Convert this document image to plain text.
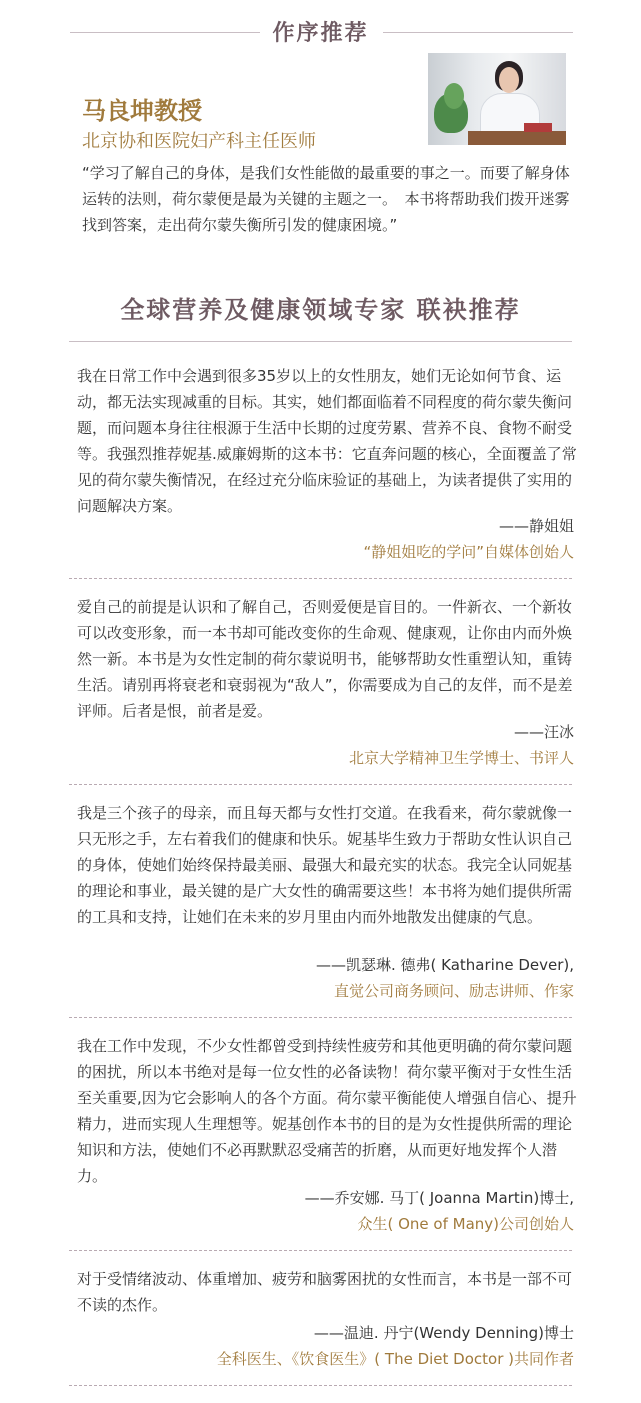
作序推荐
马良坤教授
北京协和医院妇产科主任医师
“学习了解自己的身体，是我们女性能做的最重要的事之一。而要了解身体运转的法则，荷尔蒙便是最为关键的主题之一。　本书将帮助我们拨开迷雾找到答案，走出荷尔蒙失衡所引发的健康困境。”
全球营养及健康领域专家 联袂推荐
我在日常工作中会遇到很多35岁以上的女性朋友，她们无论如何节食、运动，都无法实现减重的目标。其实，她们都面临着不同程度的荷尔蒙失衡问题，而问题本身往往根源于生活中长期的过度劳累、营养不良、食物不耐受等。我强烈推荐妮基.威廉姆斯的这本书：它直奔问题的核心，全面覆盖了常见的荷尔蒙失衡情况，在经过充分临床验证的基础上，为读者提供了实用的问题解决方案。
——静姐姐
“静姐姐吃的学问”自媒体创始人
爱自己的前提是认识和了解自己，否则爱便是盲目的。一件新衣、一个新妆可以改变形象，而一本书却可能改变你的生命观、健康观，让你由内而外焕然一新。本书是为女性定制的荷尔蒙说明书，能够帮助女性重塑认知，重铸生活。请别再将衰老和衰弱视为“敌人”，你需要成为自己的友伴，而不是差评师。后者是恨，前者是爱。
——汪冰
北京大学精神卫生学博士、书评人
我是三个孩子的母亲，而且每天都与女性打交道。在我看来，荷尔蒙就像一只无形之手，左右着我们的健康和快乐。妮基毕生致力于帮助女性认识自己的身体，使她们始终保持最美丽、最强大和最充实的状态。我完全认同妮基的理论和事业，最关键的是广大女性的确需要这些！本书将为她们提供所需的工具和支持，让她们在未来的岁月里由内而外地散发出健康的气息。
——凯瑟琳. 德弗( Katharine Dever),
直觉公司商务顾问、励志讲师、作家
我在工作中发现，不少女性都曾受到持续性疲劳和其他更明确的荷尔蒙问题的困扰，所以本书绝对是每一位女性的必备读物！荷尔蒙平衡对于女性生活至关重要,因为它会影响人的各个方面。荷尔蒙平衡能使人增强自信心、提升精力，进而实现人生理想等。妮基创作本书的目的是为女性提供所需的理论知识和方法，使她们不必再默默忍受痛苦的折磨，从而更好地发挥个人潜力。
——乔安娜. 马丁( Joanna Martin)博士,
众生( One of Many)公司创始人
对于受情绪波动、体重增加、疲劳和脑雾困扰的女性而言，本书是一部不可不读的杰作。
——温迪. 丹宁(Wendy Denning)博士
全科医生、《饮食医生》( The Diet Doctor )共同作者
